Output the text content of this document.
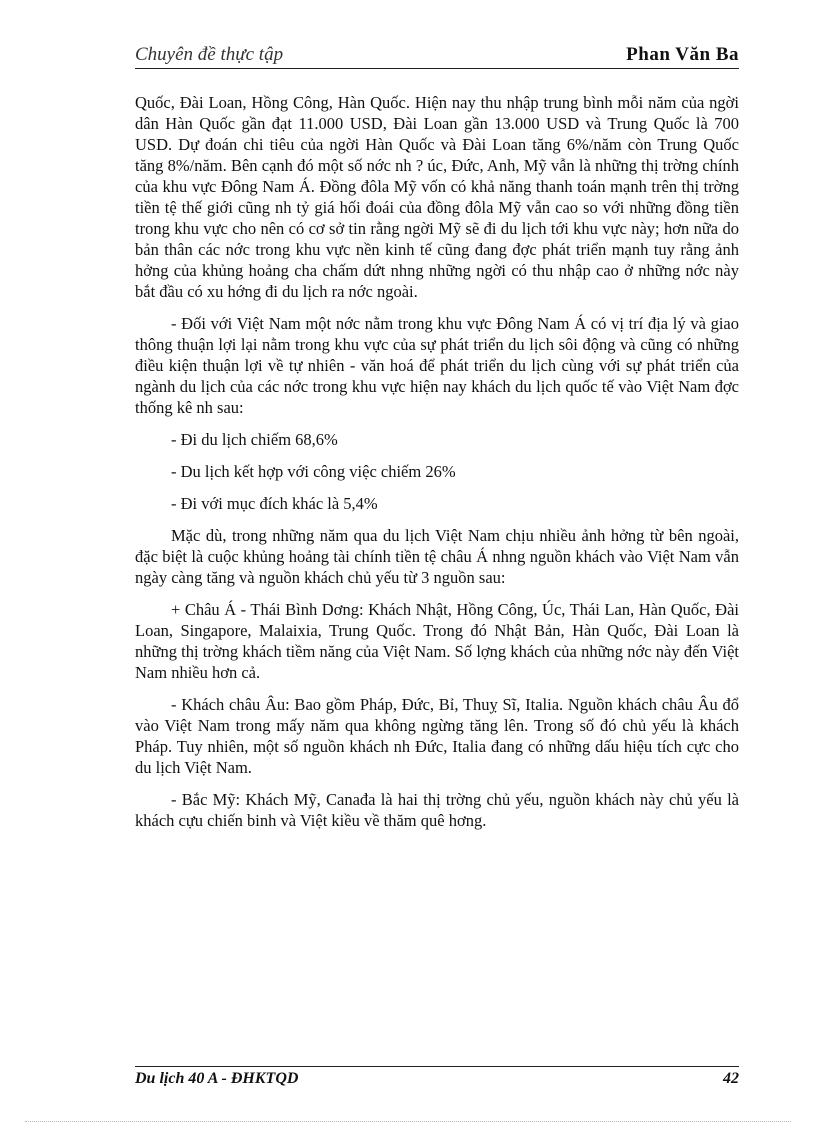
Chuyên đề thực tập	Phan Văn Ba

Quốc, Đài Loan, Hồng Công, Hàn Quốc. Hiện nay thu nhập trung bình mỗi năm của ngời dân Hàn Quốc gần đạt 11.000 USD, Đài Loan gần 13.000 USD và Trung Quốc là 700 USD. Dự đoán chi tiêu của ngời Hàn Quốc và Đài Loan tăng 6%/năm còn Trung Quốc tăng 8%/năm. Bên cạnh đó một số nớc nh ? úc, Đức, Anh, Mỹ vẫn là những thị trờng chính của khu vực Đông Nam Á. Đồng đôla Mỹ vốn có khả năng thanh toán mạnh trên thị trờng tiền tệ thế giới cũng nh tỷ giá hối đoái của đồng đôla Mỹ vẫn cao so với những đồng tiền trong khu vực cho nên có cơ sở tin rằng ngời Mỹ sẽ đi du lịch tới khu vực này; hơn nữa do bản thân các nớc trong khu vực nền kinh tế cũng đang đợc phát triển mạnh tuy rằng ảnh hởng của khủng hoảng cha chấm dứt nhng những ngời có thu nhập cao ở những nớc này bắt đầu có xu hớng đi du lịch ra nớc ngoài.

- Đối với Việt Nam một nớc nằm trong khu vực Đông Nam Á có vị trí địa lý và giao thông thuận lợi lại nằm trong khu vực của sự phát triển du lịch sôi động và cũng có những điều kiện thuận lợi về tự nhiên - văn hoá để phát triển du lịch cùng với sự phát triển của ngành du lịch của các nớc trong khu vực hiện nay khách du lịch quốc tế vào Việt Nam đợc thống kê nh sau:

- Đi du lịch chiếm 68,6%

- Du lịch kết hợp với công việc chiếm 26%

- Đi với mục đích khác là 5,4%

Mặc dù, trong những năm qua du lịch Việt Nam chịu nhiều ảnh hởng từ bên ngoài, đặc biệt là cuộc khủng hoảng tài chính tiền tệ châu Á nhng nguồn khách vào Việt Nam vẫn ngày càng tăng và nguồn khách chủ yếu từ 3 nguồn sau:

+ Châu Á - Thái Bình Dơng: Khách Nhật, Hồng Công, Úc, Thái Lan, Hàn Quốc, Đài Loan, Singapore, Malaixia, Trung Quốc. Trong đó Nhật Bản, Hàn Quốc, Đài Loan là những thị trờng khách tiềm năng của Việt Nam. Số lợng khách của những nớc này đến Việt Nam nhiều hơn cả.

- Khách châu Âu: Bao gồm Pháp, Đức, Bỉ, Thuỵ Sĩ, Italia. Nguồn khách châu Âu đổ vào Việt Nam trong mấy năm qua không ngừng tăng lên. Trong số đó chủ yếu là khách Pháp. Tuy nhiên, một số nguồn khách nh Đức, Italia đang có những dấu hiệu tích cực cho du lịch Việt Nam.

- Bắc Mỹ: Khách Mỹ, Canađa là hai thị trờng chủ yếu, nguồn khách này chủ yếu là khách cựu chiến binh và Việt kiều về thăm quê hơng.

Du lịch 40 A - ĐHKTQD	42
